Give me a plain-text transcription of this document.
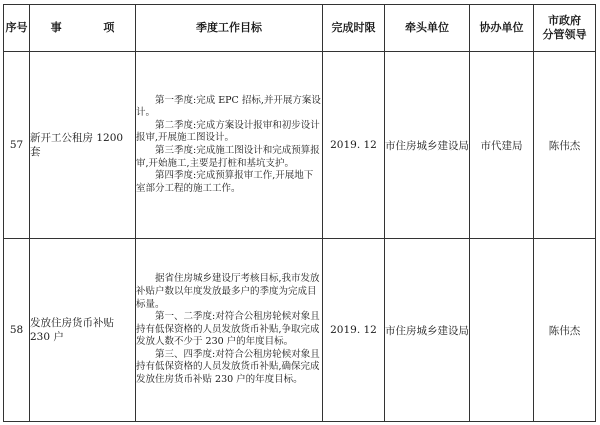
序号	事 项	季度工作目标	完成时限	牵头单位	协办单位	市政府
分管领导

57	新开工公租房 1200 套	第一季度:完成 EPC 招标,并开展方案设计。

第二季度:完成方案设计报审和初步设计报审,开展施工图设计。

第三季度:完成施工图设计和完成预算报审,开始施工,主要是打桩和基坑支护。

第四季度:完成预算报审工作,开展地下室部分工程的施工工作。	2019. 12	市住房城乡建设局	市代建局	陈伟杰
58	发放住房货币补贴 230 户	据省住房城乡建设厅考核目标,我市发放补贴户数以年度发放最多户的季度为完成目标量。

第一、二季度:对符合公租房轮候对象且持有低保资格的人员发放货币补贴,争取完成发放人数不少于 230 户的年度目标。

第三、四季度:对符合公租房轮候对象且持有低保资格的人员发放货币补贴,确保完成发放住房货币补贴 230 户的年度目标。	2019. 12	市住房城乡建设局		陈伟杰
